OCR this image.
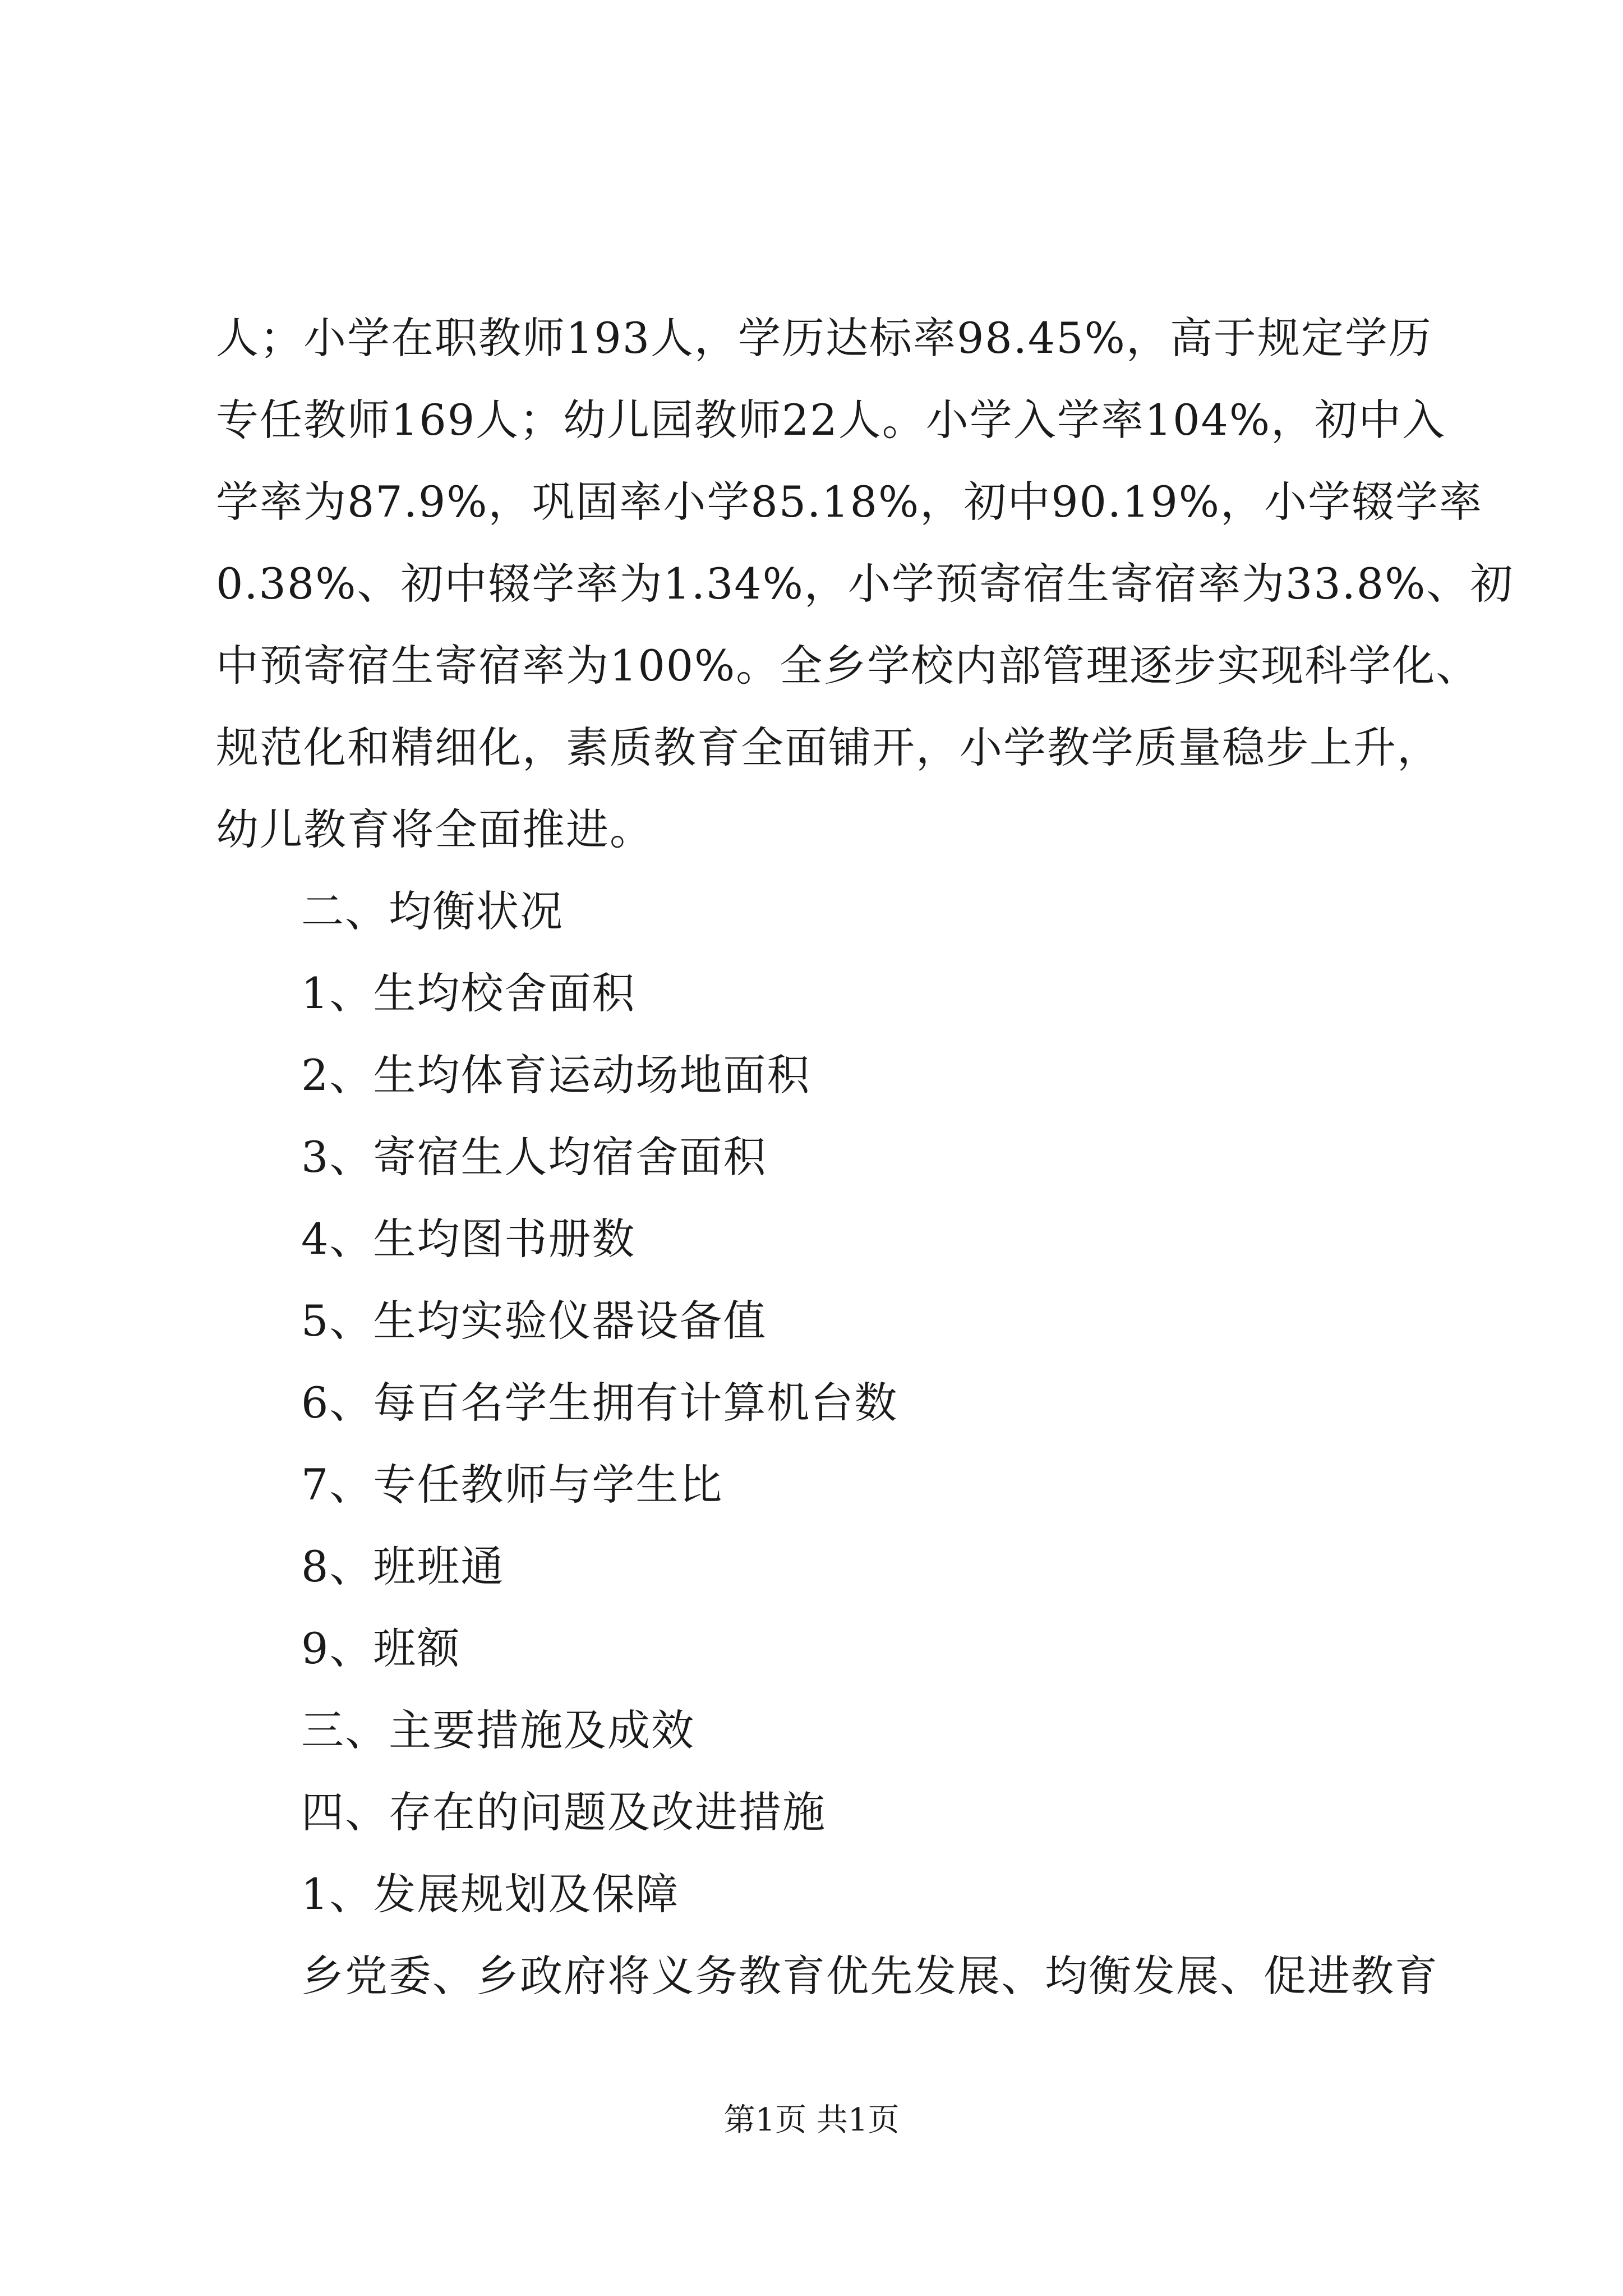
人；小学在职教师193人，学历达标率98.45%，高于规定学历
专任教师169人；幼儿园教师22人。小学入学率104%，初中入
学率为87.9%，巩固率小学85.18%，初中90.19%，小学辍学率
0.38%、初中辍学率为1.34%，小学预寄宿生寄宿率为33.8%、初
中预寄宿生寄宿率为100%。全乡学校内部管理逐步实现科学化、
规范化和精细化，素质教育全面铺开，小学教学质量稳步上升，
幼儿教育将全面推进。
二、均衡状况
1、生均校舍面积
2、生均体育运动场地面积
3、寄宿生人均宿舍面积
4、生均图书册数
5、生均实验仪器设备值
6、每百名学生拥有计算机台数
7、专任教师与学生比
8、班班通
9、班额
三、主要措施及成效
四、存在的问题及改进措施
1、发展规划及保障
乡党委、乡政府将义务教育优先发展、均衡发展、促进教育
第1页 共1页
